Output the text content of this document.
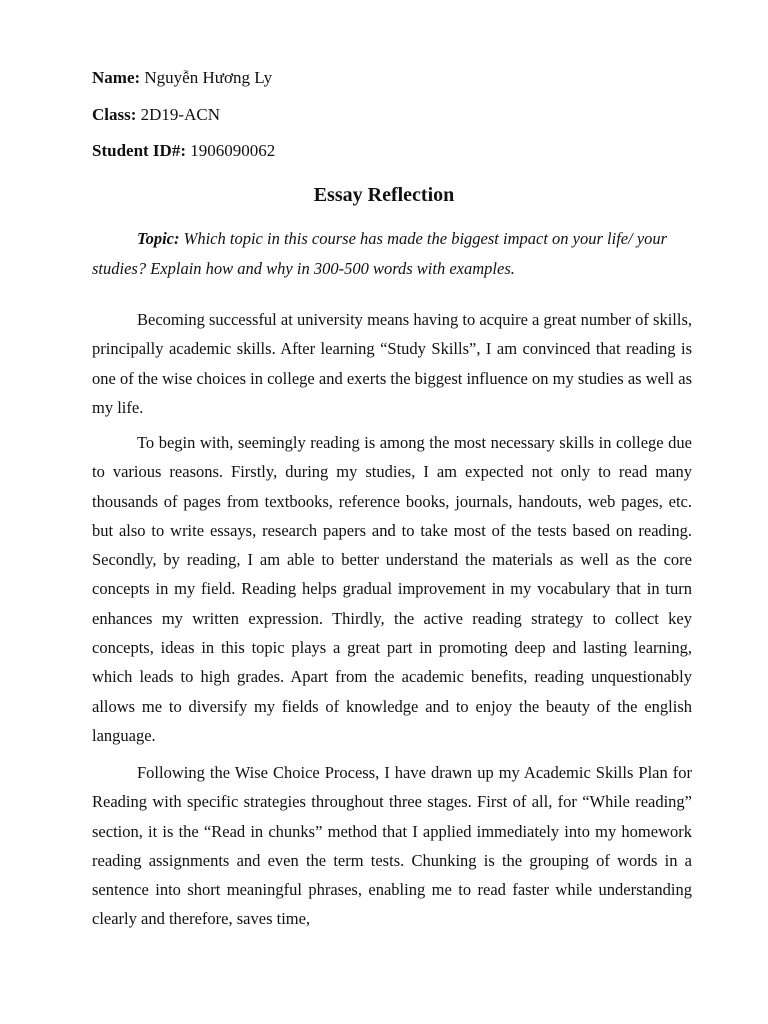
Name: Nguyễn Hương Ly
Class: 2D19-ACN
Student ID#: 1906090062
Essay Reflection
Topic: Which topic in this course has made the biggest impact on your life/ your studies? Explain how and why in 300-500 words with examples.

Becoming successful at university means having to acquire a great number of skills, principally academic skills. After learning “Study Skills”, I am convinced that reading is one of the wise choices in college and exerts the biggest influence on my studies as well as my life.

To begin with, seemingly reading is among the most necessary skills in college due to various reasons. Firstly, during my studies, I am expected not only to read many thousands of pages from textbooks, reference books, journals, handouts, web pages, etc. but also to write essays, research papers and to take most of the tests based on reading. Secondly, by reading, I am able to better understand the materials as well as the core concepts in my field. Reading helps gradual improvement in my vocabulary that in turn enhances my written expression. Thirdly, the active reading strategy to collect key concepts, ideas in this topic plays a great part in promoting deep and lasting learning, which leads to high grades. Apart from the academic benefits, reading unquestionably allows me to diversify my fields of knowledge and to enjoy the beauty of the english language.

Following the Wise Choice Process, I have drawn up my Academic Skills Plan for Reading with specific strategies throughout three stages. First of all, for “While reading” section, it is the “Read in chunks” method that I applied immediately into my homework reading assignments and even the term tests. Chunking is the grouping of words in a sentence into short meaningful phrases, enabling me to read faster while understanding clearly and therefore, saves time,
